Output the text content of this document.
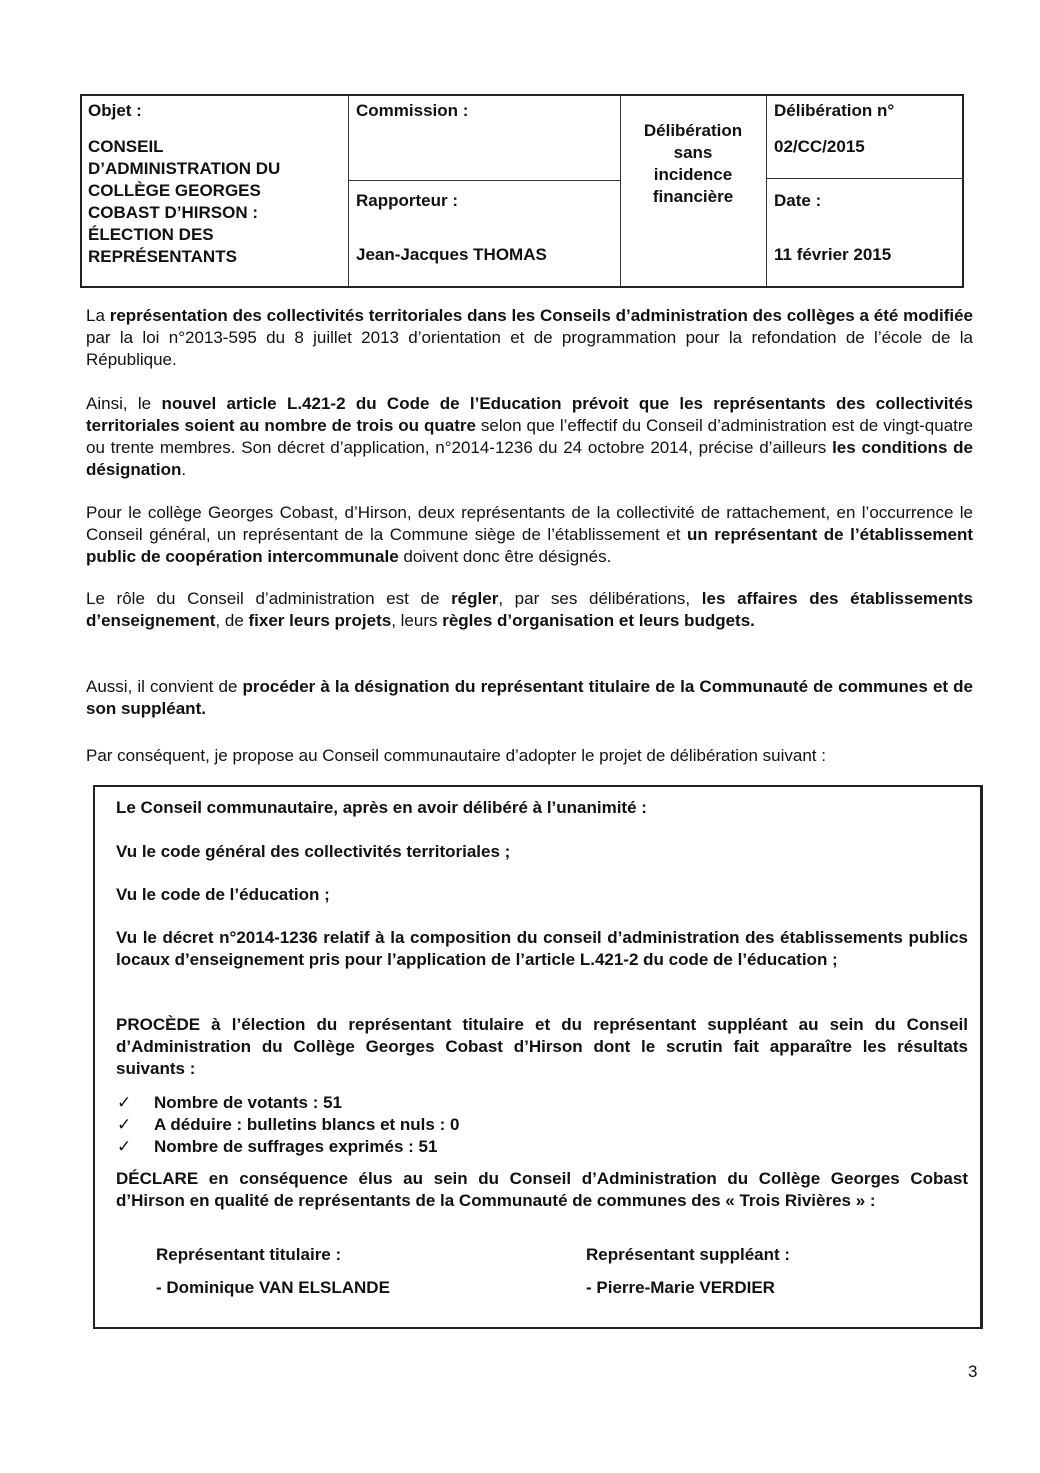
Objet :
CONSEIL
D’ADMINISTRATION DU
COLLÈGE GEORGES
COBAST D’HIRSON :
ÉLECTION DES
REPRÉSENTANTS
Commission :
Rapporteur :
Jean-Jacques THOMAS
Délibération
sans
incidence
financière
Délibération n°
02/CC/2015
Date :
11 février 2015

La représentation des collectivités territoriales dans les Conseils d’administration des collèges a été modifiée par la loi n°2013-595 du 8 juillet 2013 d’orientation et de programmation pour la refondation de l’école de la République.

Ainsi, le nouvel article L.421-2 du Code de l’Education prévoit que les représentants des collectivités territoriales soient au nombre de trois ou quatre selon que l’effectif du Conseil d’administration est de vingt-quatre ou trente membres. Son décret d’application, n°2014-1236 du 24 octobre 2014, précise d’ailleurs les conditions de désignation.

Pour le collège Georges Cobast, d’Hirson, deux représentants de la collectivité de rattachement, en l’occurrence le Conseil général, un représentant de la Commune siège de l’établissement et un représentant de l’établissement public de coopération intercommunale doivent donc être désignés.

Le rôle du Conseil d’administration est de régler, par ses délibérations, les affaires des établissements d’enseignement, de fixer leurs projets, leurs règles d’organisation et leurs budgets.

Aussi, il convient de procéder à la désignation du représentant titulaire de la Communauté de communes et de son suppléant.

Par conséquent, je propose au Conseil communautaire d’adopter le projet de délibération suivant :

Le Conseil communautaire, après en avoir délibéré à l’unanimité :

Vu le code général des collectivités territoriales ;

Vu le code de l’éducation ;

Vu le décret n°2014-1236 relatif à la composition du conseil d’administration des établissements publics locaux d’enseignement pris pour l’application de l’article L.421-2 du code de l’éducation ;

PROCÈDE à l’élection du représentant titulaire et du représentant suppléant au sein du Conseil d’Administration du Collège Georges Cobast d’Hirson dont le scrutin fait apparaître les résultats suivants :

✓ Nombre de votants : 51
✓ A déduire : bulletins blancs et nuls : 0
✓ Nombre de suffrages exprimés : 51

DÉCLARE en conséquence élus au sein du Conseil d’Administration du Collège Georges Cobast d’Hirson en qualité de représentants de la Communauté de communes des « Trois Rivières » :

Représentant titulaire :
- Dominique VAN ELSLANDE
Représentant suppléant :
- Pierre-Marie VERDIER
3
